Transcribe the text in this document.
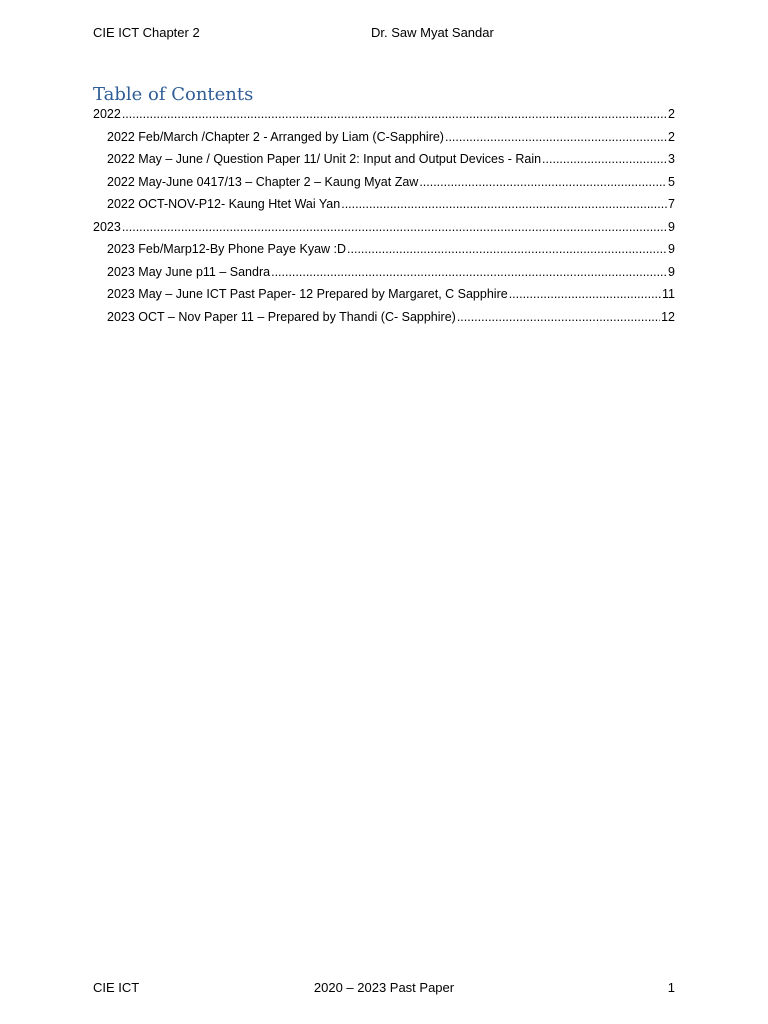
CIE ICT Chapter 2	Dr. Saw Myat Sandar
Table of Contents
2022 .....	2
2022 Feb/March /Chapter 2 - Arranged by Liam (C-Sapphire) .....	2
2022 May – June / Question Paper 11/ Unit 2: Input and Output Devices - Rain .....	3
2022 May-June 0417/13 – Chapter 2 – Kaung Myat Zaw .....	5
2022 OCT-NOV-P12- Kaung Htet Wai Yan .....	7
2023 .....	9
2023 Feb/Marp12-By Phone Paye Kyaw :D .....	9
2023 May June p11 – Sandra .....	9
2023 May – June ICT Past Paper- 12 Prepared by Margaret, C Sapphire .....	11
2023 OCT – Nov Paper 11 – Prepared by Thandi (C- Sapphire) .....	12
CIE ICT	2020 – 2023 Past Paper	1
